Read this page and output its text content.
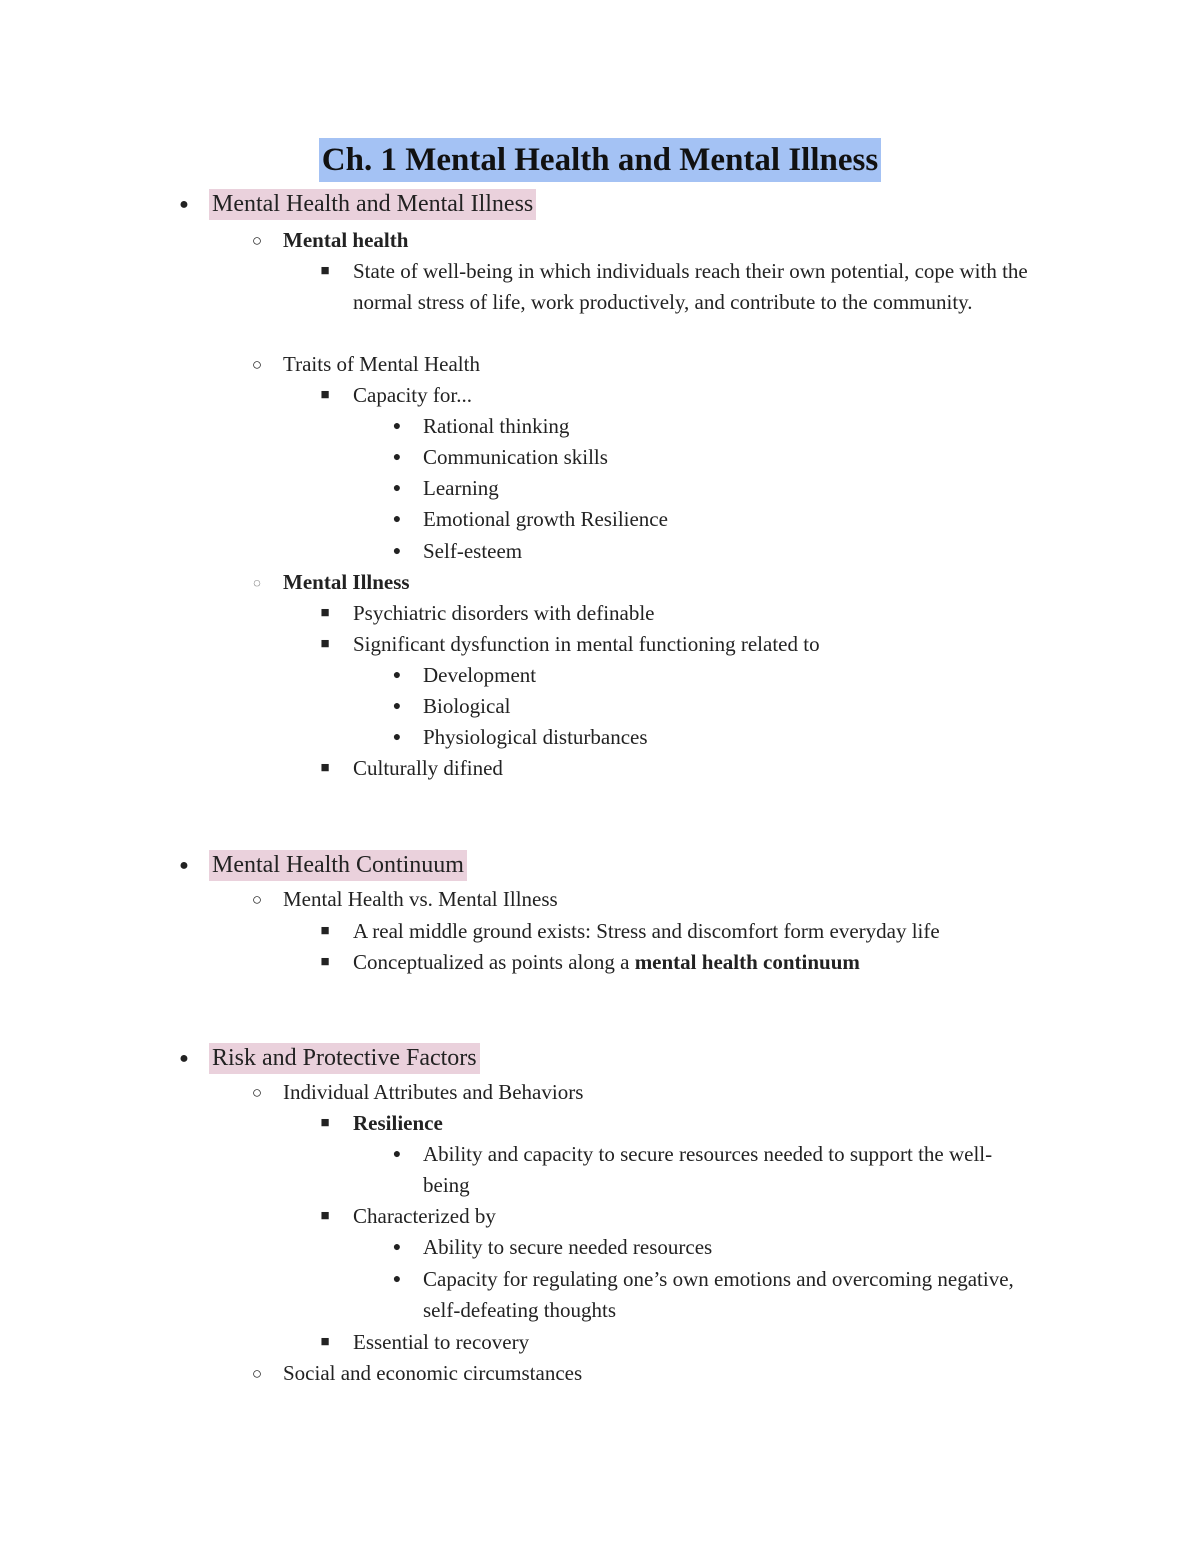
Ch. 1 Mental Health and Mental Illness
● Mental Health and Mental Illness
○ Mental health
■ State of well-being in which individuals reach their own potential, cope with the normal stress of life, work productively, and contribute to the community.
○ Traits of Mental Health
■ Capacity for...
● Rational thinking
● Communication skills
● Learning
● Emotional growth Resilience
● Self-esteem
◌ Mental Illness
■ Psychiatric disorders with definable
■ Significant dysfunction in mental functioning related to
● Development
● Biological
● Physiological disturbances
■ Culturally difined
● Mental Health Continuum
○ Mental Health vs. Mental Illness
■ A real middle ground exists: Stress and discomfort form everyday life
■ Conceptualized as points along a mental health continuum
● Risk and Protective Factors
○ Individual Attributes and Behaviors
■ Resilience
● Ability and capacity to secure resources needed to support the well-being
■ Characterized by
● Ability to secure needed resources
● Capacity for regulating one’s own emotions and overcoming negative, self-defeating thoughts
■ Essential to recovery
○ Social and economic circumstances
